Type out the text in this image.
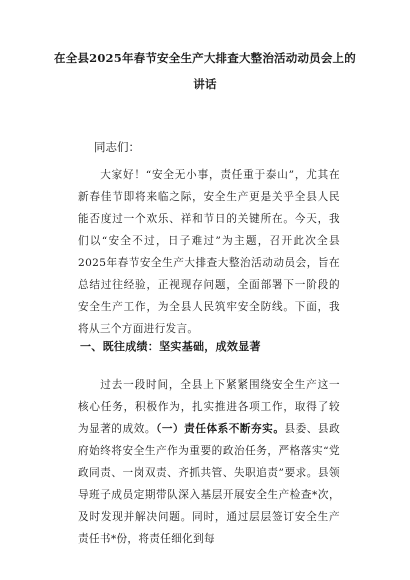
在全县2025年春节安全生产大排查大整治活动动员会上的
讲话
同志们：

大家好！“安全无小事，责任重于泰山”，尤其在新春佳节即将来临之际，安全生产更是关乎全县人民能否度过一个欢乐、祥和节日的关键所在。今天，我们以“安全不过，日子难过”为主题，召开此次全县2025年春节安全生产大排查大整治活动动员会，旨在总结过往经验，正视现存问题，全面部署下一阶段的安全生产工作，为全县人民筑牢安全防线。下面，我将从三个方面进行发言。

一、既往成绩：坚实基础，成效显著

过去一段时间，全县上下紧紧围绕安全生产这一核心任务，积极作为，扎实推进各项工作，取得了较为显著的成效。（一）责任体系不断夯实。县委、县政府始终将安全生产作为重要的政治任务，严格落实“党政同责、一岗双责、齐抓共管、失职追责”要求。县领导班子成员定期带队深入基层开展安全生产检查*次，及时发现并解决问题。同时，通过层层签订安全生产责任书*份，将责任细化到每
